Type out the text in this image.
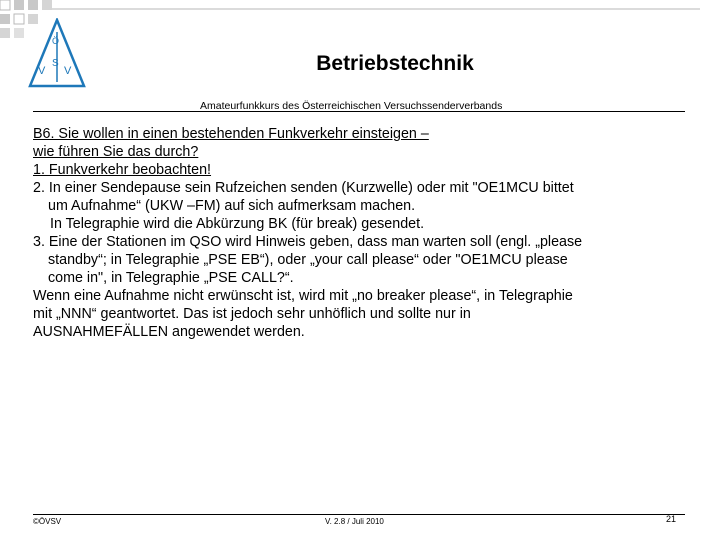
Ö
V
S
V	Betriebstechnik
Amateurfunkkurs des Österreichischen Versuchssenderverbands

B6. Sie wollen in einen bestehenden Funkverkehr einsteigen –

wie führen Sie das durch?

1. Funkverkehr beobachten!

2. In einer Sendepause sein Rufzeichen senden (Kurzwelle) oder mit "OE1MCU bittet

um Aufnahme“ (UKW –FM) auf sich aufmerksam machen.

In Telegraphie wird die Abkürzung BK (für break) gesendet.

3. Eine der Stationen im QSO wird Hinweis geben, dass man warten soll (engl. „please

standby“; in Telegraphie „PSE EB“), oder „your call please“ oder "OE1MCU please

come in", in Telegraphie „PSE CALL?“.

Wenn eine Aufnahme nicht erwünscht ist, wird mit „no breaker please“, in Telegraphie

mit „NNN“ geantwortet. Das ist jedoch sehr unhöflich und sollte nur in

AUSNAHMEFÄLLEN angewendet werden.

©ÖVSV	V. 2.8 / Juli 2010	21
